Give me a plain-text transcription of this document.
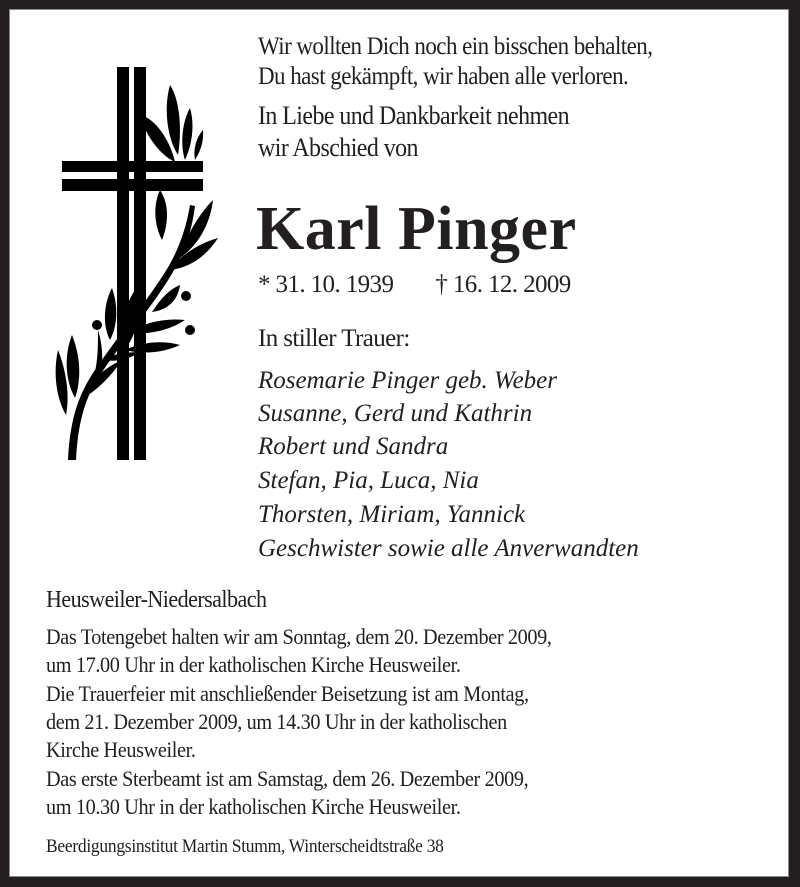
Wir wollten Dich noch ein bisschen behalten,
Du hast gekämpft, wir haben alle verloren.
In Liebe und Dankbarkeit nehmen
wir Abschied von
Karl Pinger
* 31. 10. 1939 † 16. 12. 2009
In stiller Trauer:
Rosemarie Pinger geb. Weber
Susanne, Gerd und Kathrin
Robert und Sandra
Stefan, Pia, Luca, Nia
Thorsten, Miriam, Yannick
Geschwister sowie alle Anverwandten
Heusweiler-Niedersalbach
Das Totengebet halten wir am Sonntag, dem 20. Dezember 2009,
um 17.00 Uhr in der katholischen Kirche Heusweiler.
Die Trauerfeier mit anschließender Beisetzung ist am Montag,
dem 21. Dezember 2009, um 14.30 Uhr in der katholischen
Kirche Heusweiler.
Das erste Sterbeamt ist am Samstag, dem 26. Dezember 2009,
um 10.30 Uhr in der katholischen Kirche Heusweiler.
Beerdigungsinstitut Martin Stumm, Winterscheidtstraße 38
